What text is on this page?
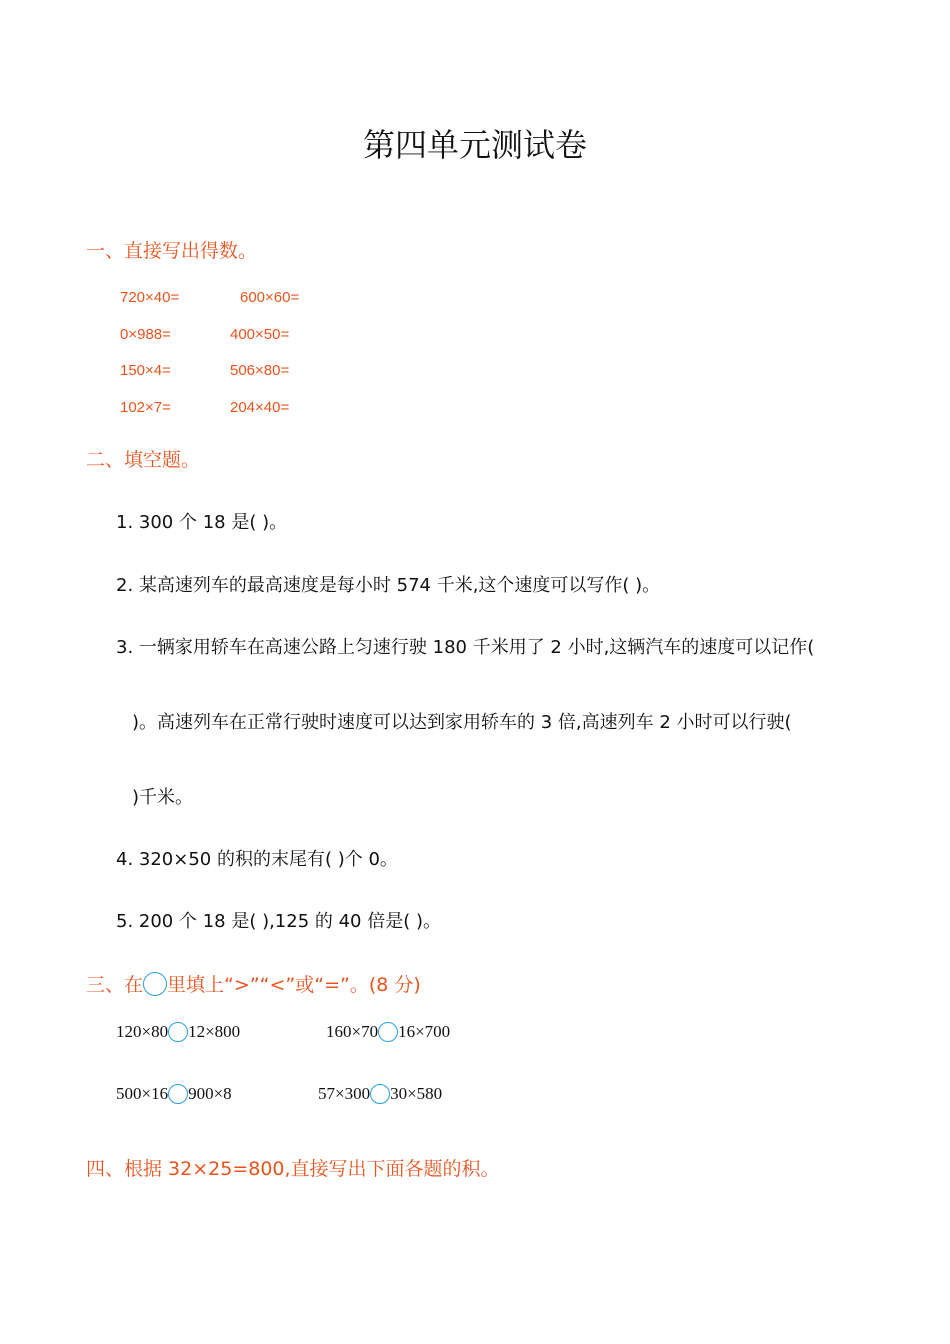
第四单元测试卷
一、直接写出得数。
720×40=	600×60=
0×988=	400×50=
150×4=	506×80=
102×7=	204×40=
二、填空题。
1. 300 个 18 是( )。
2. 某高速列车的最高速度是每小时 574 千米,这个速度可以写作( )。
3. 一辆家用轿车在高速公路上匀速行驶 180 千米用了 2 小时,这辆汽车的速度可以记作(
)。高速列车在正常行驶时速度可以达到家用轿车的 3 倍,高速列车 2 小时可以行驶(
)千米。
4. 320×50 的积的末尾有( )个 0。
5. 200 个 18 是( ),125 的 40 倍是( )。
三、在 里填上“>”“<”或“=”。(8 分)
120×80 12×800	160×70 16×700
500×16 900×8	57×300 30×580
四、根据 32×25=800,直接写出下面各题的积。
